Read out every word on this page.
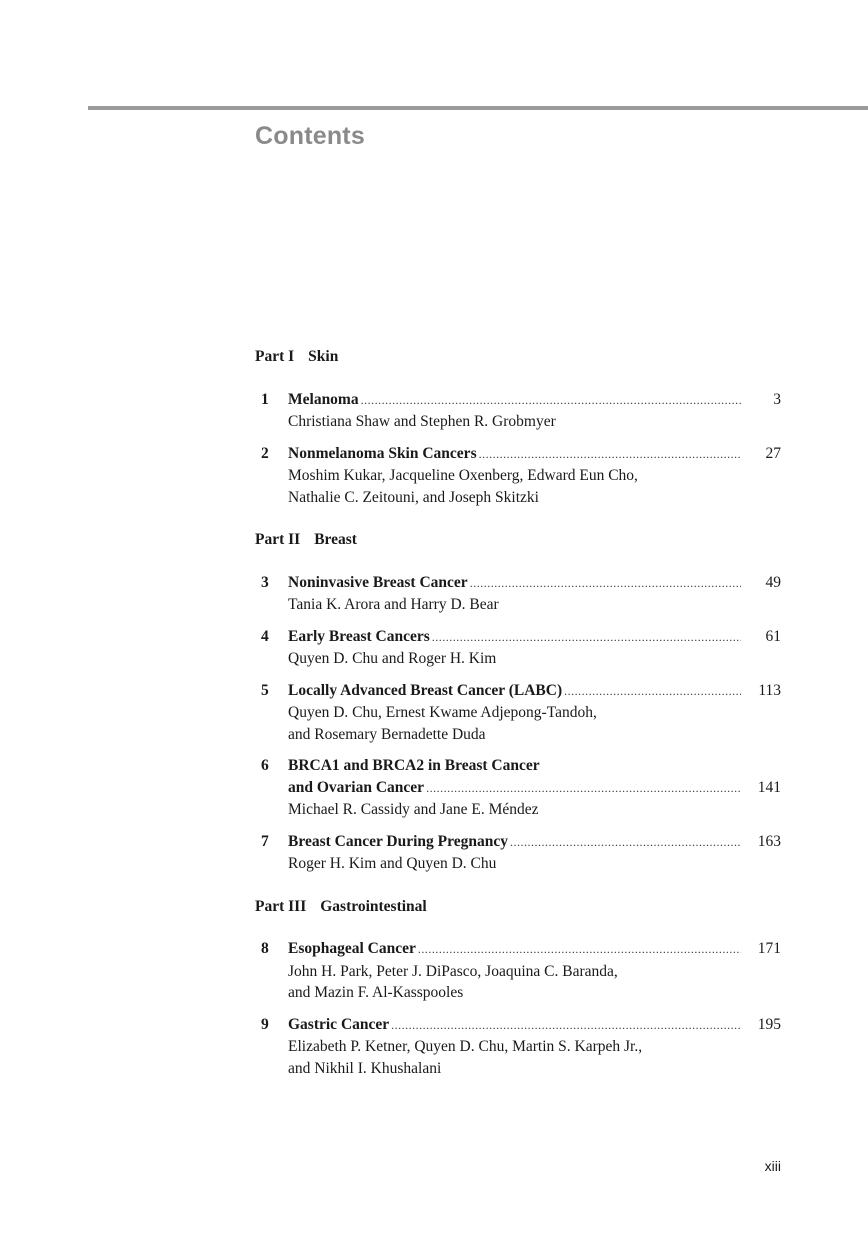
Contents
Part I Skin
1 Melanoma .....	3
Christiana Shaw and Stephen R. Grobmyer
2 Nonmelanoma Skin Cancers .....	27
Moshim Kukar, Jacqueline Oxenberg, Edward Eun Cho,
Nathalie C. Zeitouni, and Joseph Skitzki
Part II Breast
3 Noninvasive Breast Cancer .....	49
Tania K. Arora and Harry D. Bear
4 Early Breast Cancers .....	61
Quyen D. Chu and Roger H. Kim
5 Locally Advanced Breast Cancer (LABC) .....	113
Quyen D. Chu, Ernest Kwame Adjepong-Tandoh,
and Rosemary Bernadette Duda
6 BRCA1 and BRCA2 in Breast Cancer
and Ovarian Cancer .....	141
Michael R. Cassidy and Jane E. Méndez
7 Breast Cancer During Pregnancy .....	163
Roger H. Kim and Quyen D. Chu
Part III Gastrointestinal
8 Esophageal Cancer .....	171
John H. Park, Peter J. DiPasco, Joaquina C. Baranda,
and Mazin F. Al-Kasspooles
9 Gastric Cancer .....	195
Elizabeth P. Ketner, Quyen D. Chu, Martin S. Karpeh Jr.,
and Nikhil I. Khushalani
xiii
